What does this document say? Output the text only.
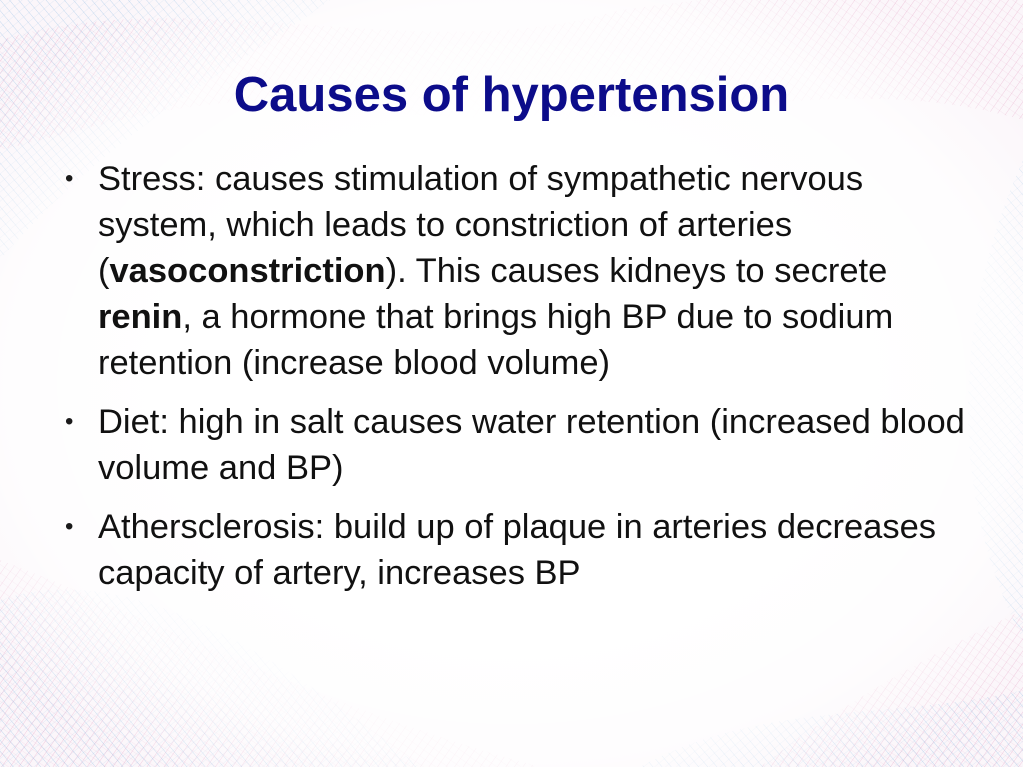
Causes of hypertension
• Stress: causes stimulation of sympathetic nervous system, which leads to constriction of arteries (vasoconstriction). This causes kidneys to secrete renin, a hormone that brings high BP due to sodium retention (increase blood volume)
• Diet: high in salt causes water retention (increased blood volume and BP)
• Athersclerosis: build up of plaque in arteries decreases capacity of artery, increases BP
